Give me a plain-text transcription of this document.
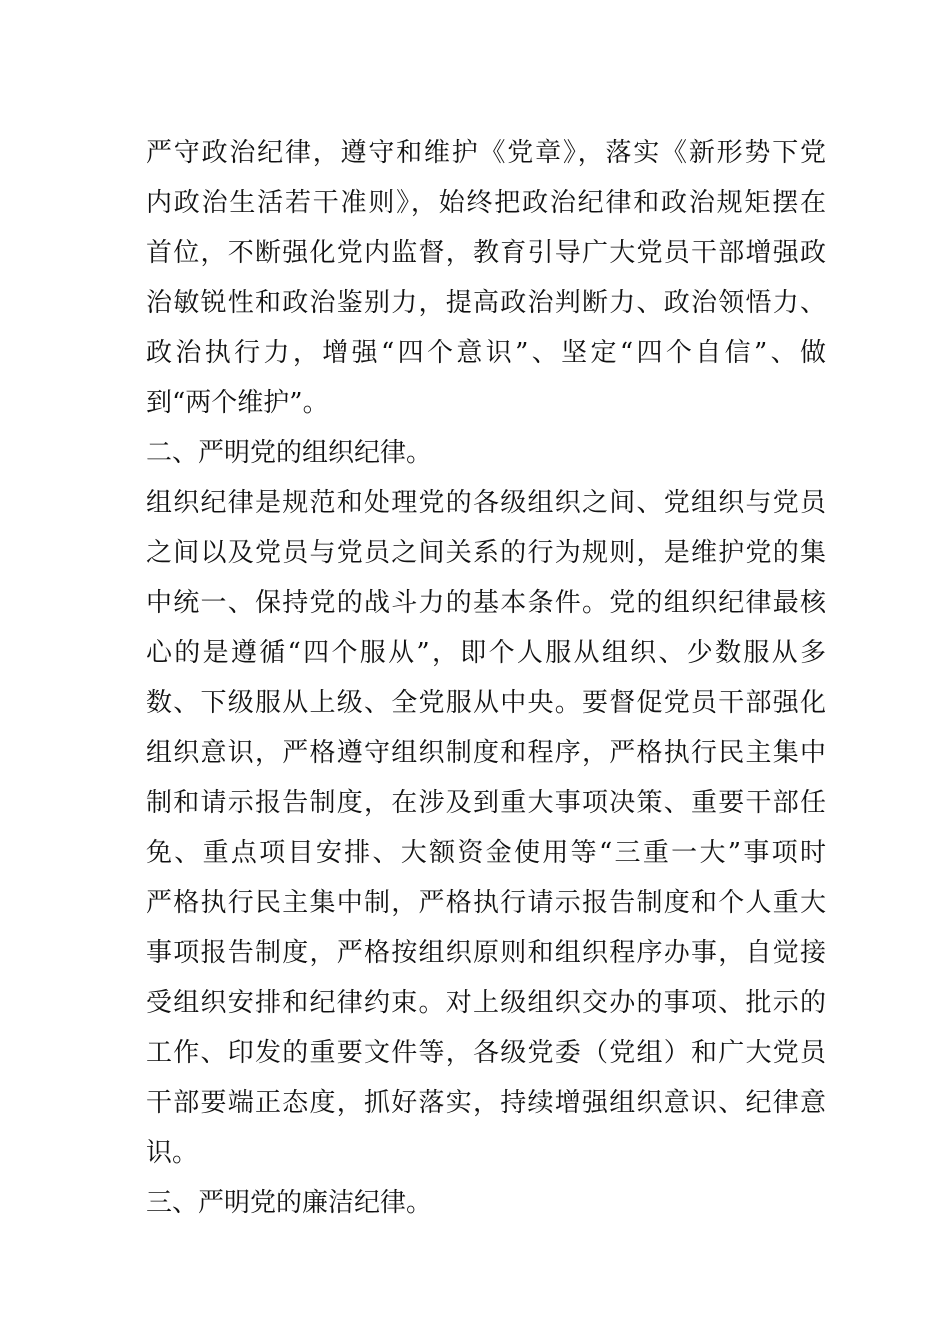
严守政治纪律，遵守和维护《党章》，落实《新形势下党
内政治生活若干准则》，始终把政治纪律和政治规矩摆在
首位，不断强化党内监督，教育引导广大党员干部增强政
治敏锐性和政治鉴别力，提高政治判断力、政治领悟力、
政治执行力，增强“四个意识”、坚定“四个自信”、做
到“两个维护”。
二、严明党的组织纪律。
组织纪律是规范和处理党的各级组织之间、党组织与党员
之间以及党员与党员之间关系的行为规则，是维护党的集
中统一、保持党的战斗力的基本条件。党的组织纪律最核
心的是遵循“四个服从”，即个人服从组织、少数服从多
数、下级服从上级、全党服从中央。要督促党员干部强化
组织意识，严格遵守组织制度和程序，严格执行民主集中
制和请示报告制度，在涉及到重大事项决策、重要干部任
免、重点项目安排、大额资金使用等“三重一大”事项时
严格执行民主集中制，严格执行请示报告制度和个人重大
事项报告制度，严格按组织原则和组织程序办事，自觉接
受组织安排和纪律约束。对上级组织交办的事项、批示的
工作、印发的重要文件等，各级党委（党组）和广大党员
干部要端正态度，抓好落实，持续增强组织意识、纪律意
识。
三、严明党的廉洁纪律。
